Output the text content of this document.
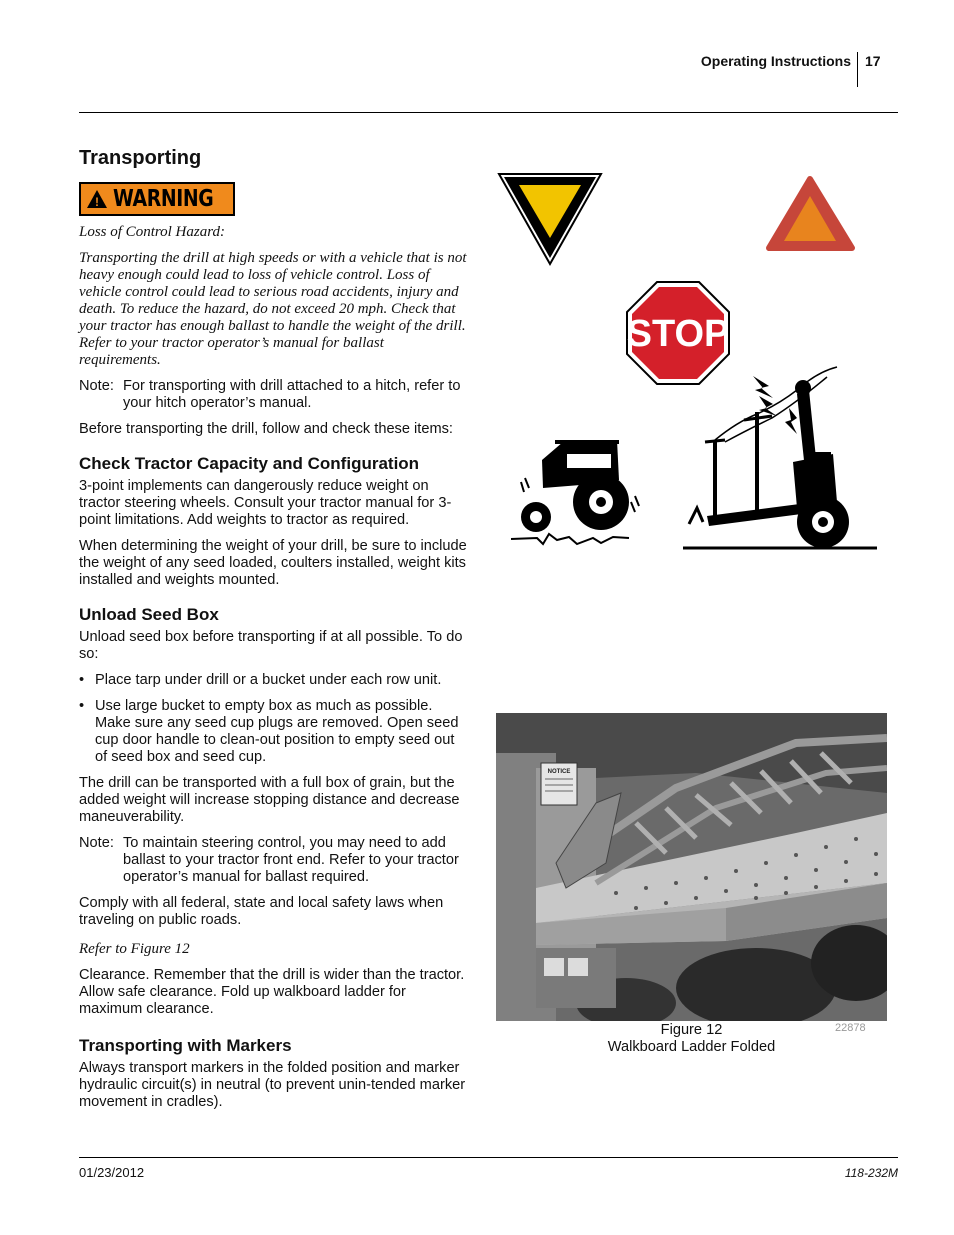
Operating Instructions 17
Transporting
! WARNING

Loss of Control Hazard:

Transporting the drill at high speeds or with a vehicle that is not heavy enough could lead to loss of vehicle control. Loss of vehicle control could lead to serious road accidents, injury and death. To reduce the hazard, do not exceed 20 mph. Check that your tractor has enough ballast to handle the weight of the drill. Refer to your tractor operator’s manual for ballast requirements.

Note: For transporting with drill attached to a hitch, refer to your hitch operator’s manual.

Before transporting the drill, follow and check these items:

Check Tractor Capacity and Configuration

3-point implements can dangerously reduce weight on tractor steering wheels. Consult your tractor manual for 3-point limitations. Add weights to tractor as required.

When determining the weight of your drill, be sure to include the weight of any seed loaded, coulters installed, weight kits installed and weights mounted.

Unload Seed Box

Unload seed box before transporting if at all possible. To do so:

• Place tarp under drill or a bucket under each row unit.
• Use large bucket to empty box as much as possible. Make sure any seed cup plugs are removed. Open seed cup door handle to clean-out position to empty seed out of seed box and seed cup.

The drill can be transported with a full box of grain, but the added weight will increase stopping distance and decrease maneuverability.

Note: To maintain steering control, you may need to add ballast to your tractor front end. Refer to your tractor operator’s manual for ballast required.

Comply with all federal, state and local safety laws when traveling on public roads.

Refer to Figure 12

Clearance. Remember that the drill is wider than the tractor. Allow safe clearance. Fold up walkboard ladder for maximum clearance.

Transporting with Markers

Always transport markers in the folded position and marker hydraulic circuit(s) in neutral (to prevent unin-tended marker movement in cradles).

STOP
NOTICE
Figure 12
Walkboard Ladder Folded
22878
01/23/2012	118-232M
